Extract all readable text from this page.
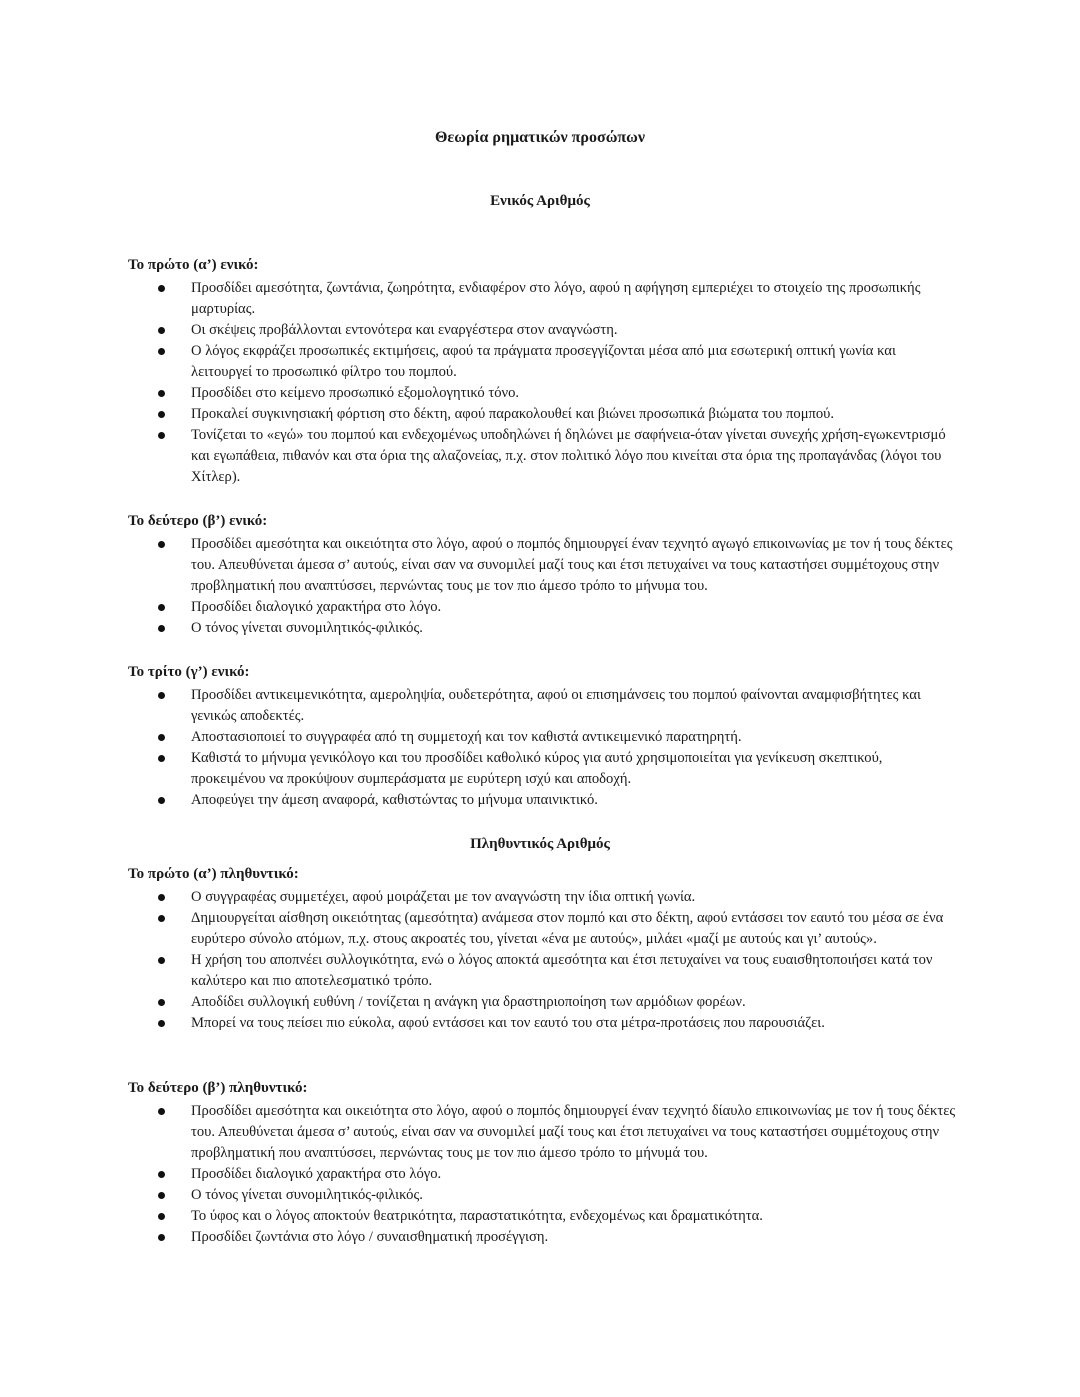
Θεωρία ρηματικών προσώπων
Ενικός Αριθμός
Το πρώτο (α’) ενικό:
Προσδίδει αμεσότητα, ζωντάνια, ζωηρότητα, ενδιαφέρον στο λόγο, αφού η αφήγηση εμπεριέχει το στοιχείο της προσωπικής μαρτυρίας.
Οι σκέψεις προβάλλονται εντονότερα και εναργέστερα στον αναγνώστη.
Ο λόγος εκφράζει προσωπικές εκτιμήσεις, αφού τα πράγματα προσεγγίζονται μέσα από μια εσωτερική οπτική γωνία και λειτουργεί το προσωπικό φίλτρο του πομπού.
Προσδίδει στο κείμενο προσωπικό εξομολογητικό τόνο.
Προκαλεί συγκινησιακή φόρτιση στο δέκτη, αφού παρακολουθεί και βιώνει προσωπικά βιώματα του πομπού.
Τονίζεται το «εγώ» του πομπού και ενδεχομένως υποδηλώνει ή δηλώνει με σαφήνεια-όταν γίνεται συνεχής χρήση-εγωκεντρισμό και εγωπάθεια, πιθανόν και στα όρια της αλαζονείας, π.χ. στον πολιτικό λόγο που κινείται στα όρια της προπαγάνδας (λόγοι του Χίτλερ).
Το δεύτερο (β’) ενικό:
Προσδίδει αμεσότητα και οικειότητα στο λόγο, αφού ο πομπός δημιουργεί έναν τεχνητό αγωγό επικοινωνίας με τον ή τους δέκτες του. Απευθύνεται άμεσα σ’ αυτούς, είναι σαν να συνομιλεί μαζί τους και έτσι πετυχαίνει να τους καταστήσει συμμέτοχους στην προβληματική που αναπτύσσει, περνώντας τους με τον πιο άμεσο τρόπο το μήνυμα του.
Προσδίδει διαλογικό χαρακτήρα στο λόγο.
Ο τόνος γίνεται συνομιλητικός-φιλικός.
Το τρίτο (γ’) ενικό:
Προσδίδει αντικειμενικότητα, αμεροληψία, ουδετερότητα, αφού οι επισημάνσεις του πομπού φαίνονται αναμφισβήτητες και γενικώς αποδεκτές.
Αποστασιοποιεί το συγγραφέα από τη συμμετοχή και τον καθιστά αντικειμενικό παρατηρητή.
Καθιστά το μήνυμα γενικόλογο και του προσδίδει καθολικό κύρος για αυτό χρησιμοποιείται για γενίκευση σκεπτικού, προκειμένου να προκύψουν συμπεράσματα με ευρύτερη ισχύ και αποδοχή.
Αποφεύγει την άμεση αναφορά, καθιστώντας το μήνυμα υπαινικτικό.
Πληθυντικός Αριθμός
Το πρώτο (α’) πληθυντικό:
Ο συγγραφέας συμμετέχει, αφού μοιράζεται με τον αναγνώστη την ίδια οπτική γωνία.
Δημιουργείται αίσθηση οικειότητας (αμεσότητα) ανάμεσα στον πομπό και στο δέκτη, αφού εντάσσει τον εαυτό του μέσα σε ένα ευρύτερο σύνολο ατόμων, π.χ. στους ακροατές του, γίνεται «ένα με αυτούς», μιλάει «μαζί με αυτούς και γι’ αυτούς».
Η χρήση του αποπνέει συλλογικότητα, ενώ ο λόγος αποκτά αμεσότητα και έτσι πετυχαίνει να τους ευαισθητοποιήσει κατά τον καλύτερο και πιο αποτελεσματικό τρόπο.
Αποδίδει συλλογική ευθύνη / τονίζεται η ανάγκη για δραστηριοποίηση των αρμόδιων φορέων.
Μπορεί να τους πείσει πιο εύκολα, αφού εντάσσει και τον εαυτό του στα μέτρα-προτάσεις που παρουσιάζει.
Το δεύτερο (β’) πληθυντικό:
Προσδίδει αμεσότητα και οικειότητα στο λόγο, αφού ο πομπός δημιουργεί έναν τεχνητό δίαυλο επικοινωνίας με τον ή τους δέκτες του. Απευθύνεται άμεσα σ’ αυτούς, είναι σαν να συνομιλεί μαζί τους και έτσι πετυχαίνει να τους καταστήσει συμμέτοχους στην προβληματική που αναπτύσσει, περνώντας τους με τον πιο άμεσο τρόπο το μήνυμά του.
Προσδίδει διαλογικό χαρακτήρα στο λόγο.
Ο τόνος γίνεται συνομιλητικός-φιλικός.
Το ύφος και ο λόγος αποκτούν θεατρικότητα, παραστατικότητα, ενδεχομένως και δραματικότητα.
Προσδίδει ζωντάνια στο λόγο / συναισθηματική προσέγγιση.
